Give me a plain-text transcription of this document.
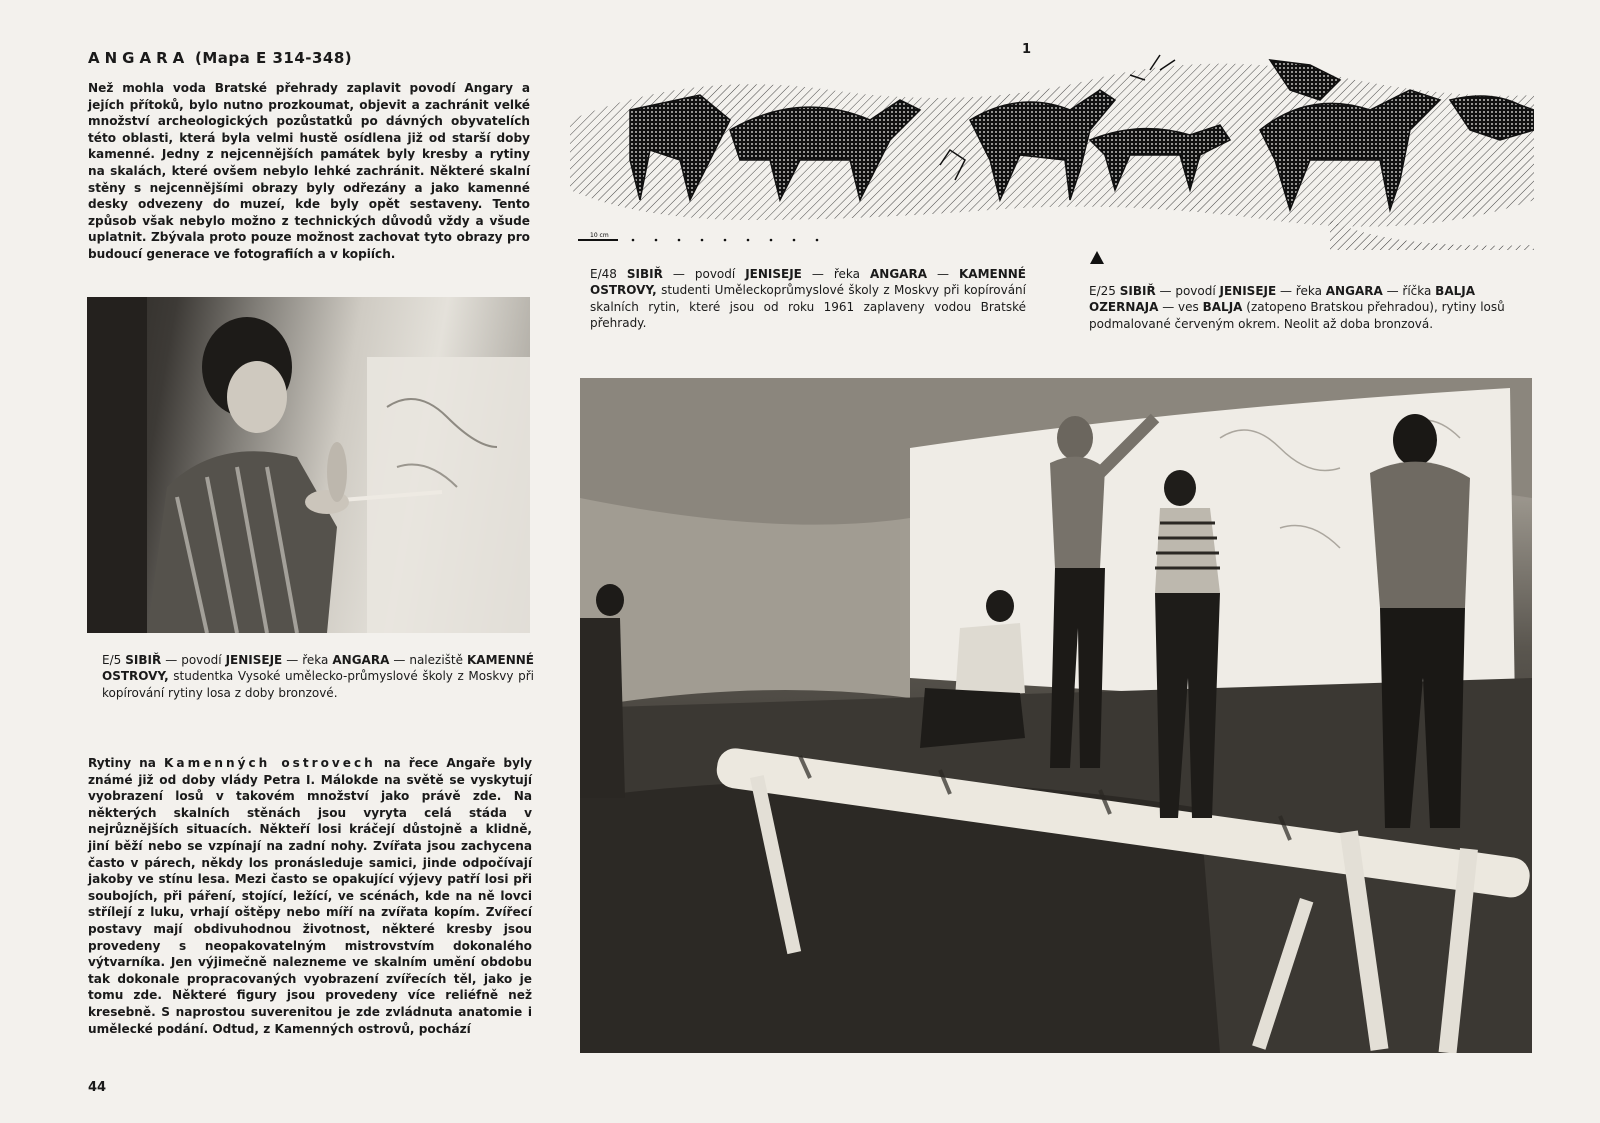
ANGARA (Mapa E 314-348)
Než mohla voda Bratské přehrady zaplavit povodí Angary a jejích přítoků, bylo nutno prozkoumat, objevit a zachránit velké množství archeologických pozůstatků po dávných obyvatelích této oblasti, která byla velmi hustě osídlena již od starší doby kamenné. Jedny z nejcennějších památek byly kresby a rytiny na skalách, které ovšem nebylo lehké zachránit. Některé skalní stěny s nejcennějšími obrazy byly odřezány a jako kamenné desky odvezeny do muzeí, kde byly opět sestaveny. Tento způsob však nebylo možno z technických důvodů vždy a všude uplatnit. Zbývala proto pouze možnost zachovat tyto obrazy pro budoucí generace ve fotografiích a v kopiích.
E/5 SIBIŘ — povodí JENISEJE — řeka ANGARA — naleziště KAMENNÉ OSTROVY, studentka Vysoké umělecko-průmyslové školy z Moskvy při kopírování rytiny losa z doby bronzové.
Rytiny na Kamenných ostrovech na řece Angaře byly známé již od doby vlády Petra I. Málokde na světě se vyskytují vyobrazení losů v takovém množství jako právě zde. Na některých skalních stěnách jsou vyryta celá stáda v nejrůznějších situacích. Někteří losi kráčejí důstojně a klidně, jiní běží nebo se vzpínají na zadní nohy. Zvířata jsou zachycena často v párech, někdy los pronásleduje samici, jinde odpočívají jakoby ve stínu lesa. Mezi často se opakující výjevy patří losi při soubojích, při páření, stojící, ležící, ve scénách, kde na ně lovci střílejí z luku, vrhají oštěpy nebo míří na zvířata kopím. Zvířecí postavy mají obdivuhodnou životnost, některé kresby jsou provedeny s neopakovatelným mistrovstvím dokonalého výtvarníka. Jen výjimečně nalezneme ve skalním umění obdobu tak dokonale propracovaných vyobrazení zvířecích těl, jako je tomu zde. Některé figury jsou provedeny více reliéfně než kresebně. S naprostou suverenitou je zde zvládnuta anatomie i umělecké podání. Odtud, z Kamenných ostrovů, pochází
1
10 cm
E/48 SIBIŘ — povodí JENISEJE — řeka ANGARA — KAMENNÉ OSTROVY, studenti Uměleckoprůmyslové školy z Moskvy při kopírování skalních rytin, které jsou od roku 1961 zaplaveny vodou Bratské přehrady.
E/25 SIBIŘ — povodí JENISEJE — řeka ANGARA — říčka BALJA OZERNAJA — ves BALJA (zatopeno Bratskou přehradou), rytiny losů podmalované červeným okrem. Neolit až doba bronzová.
44
